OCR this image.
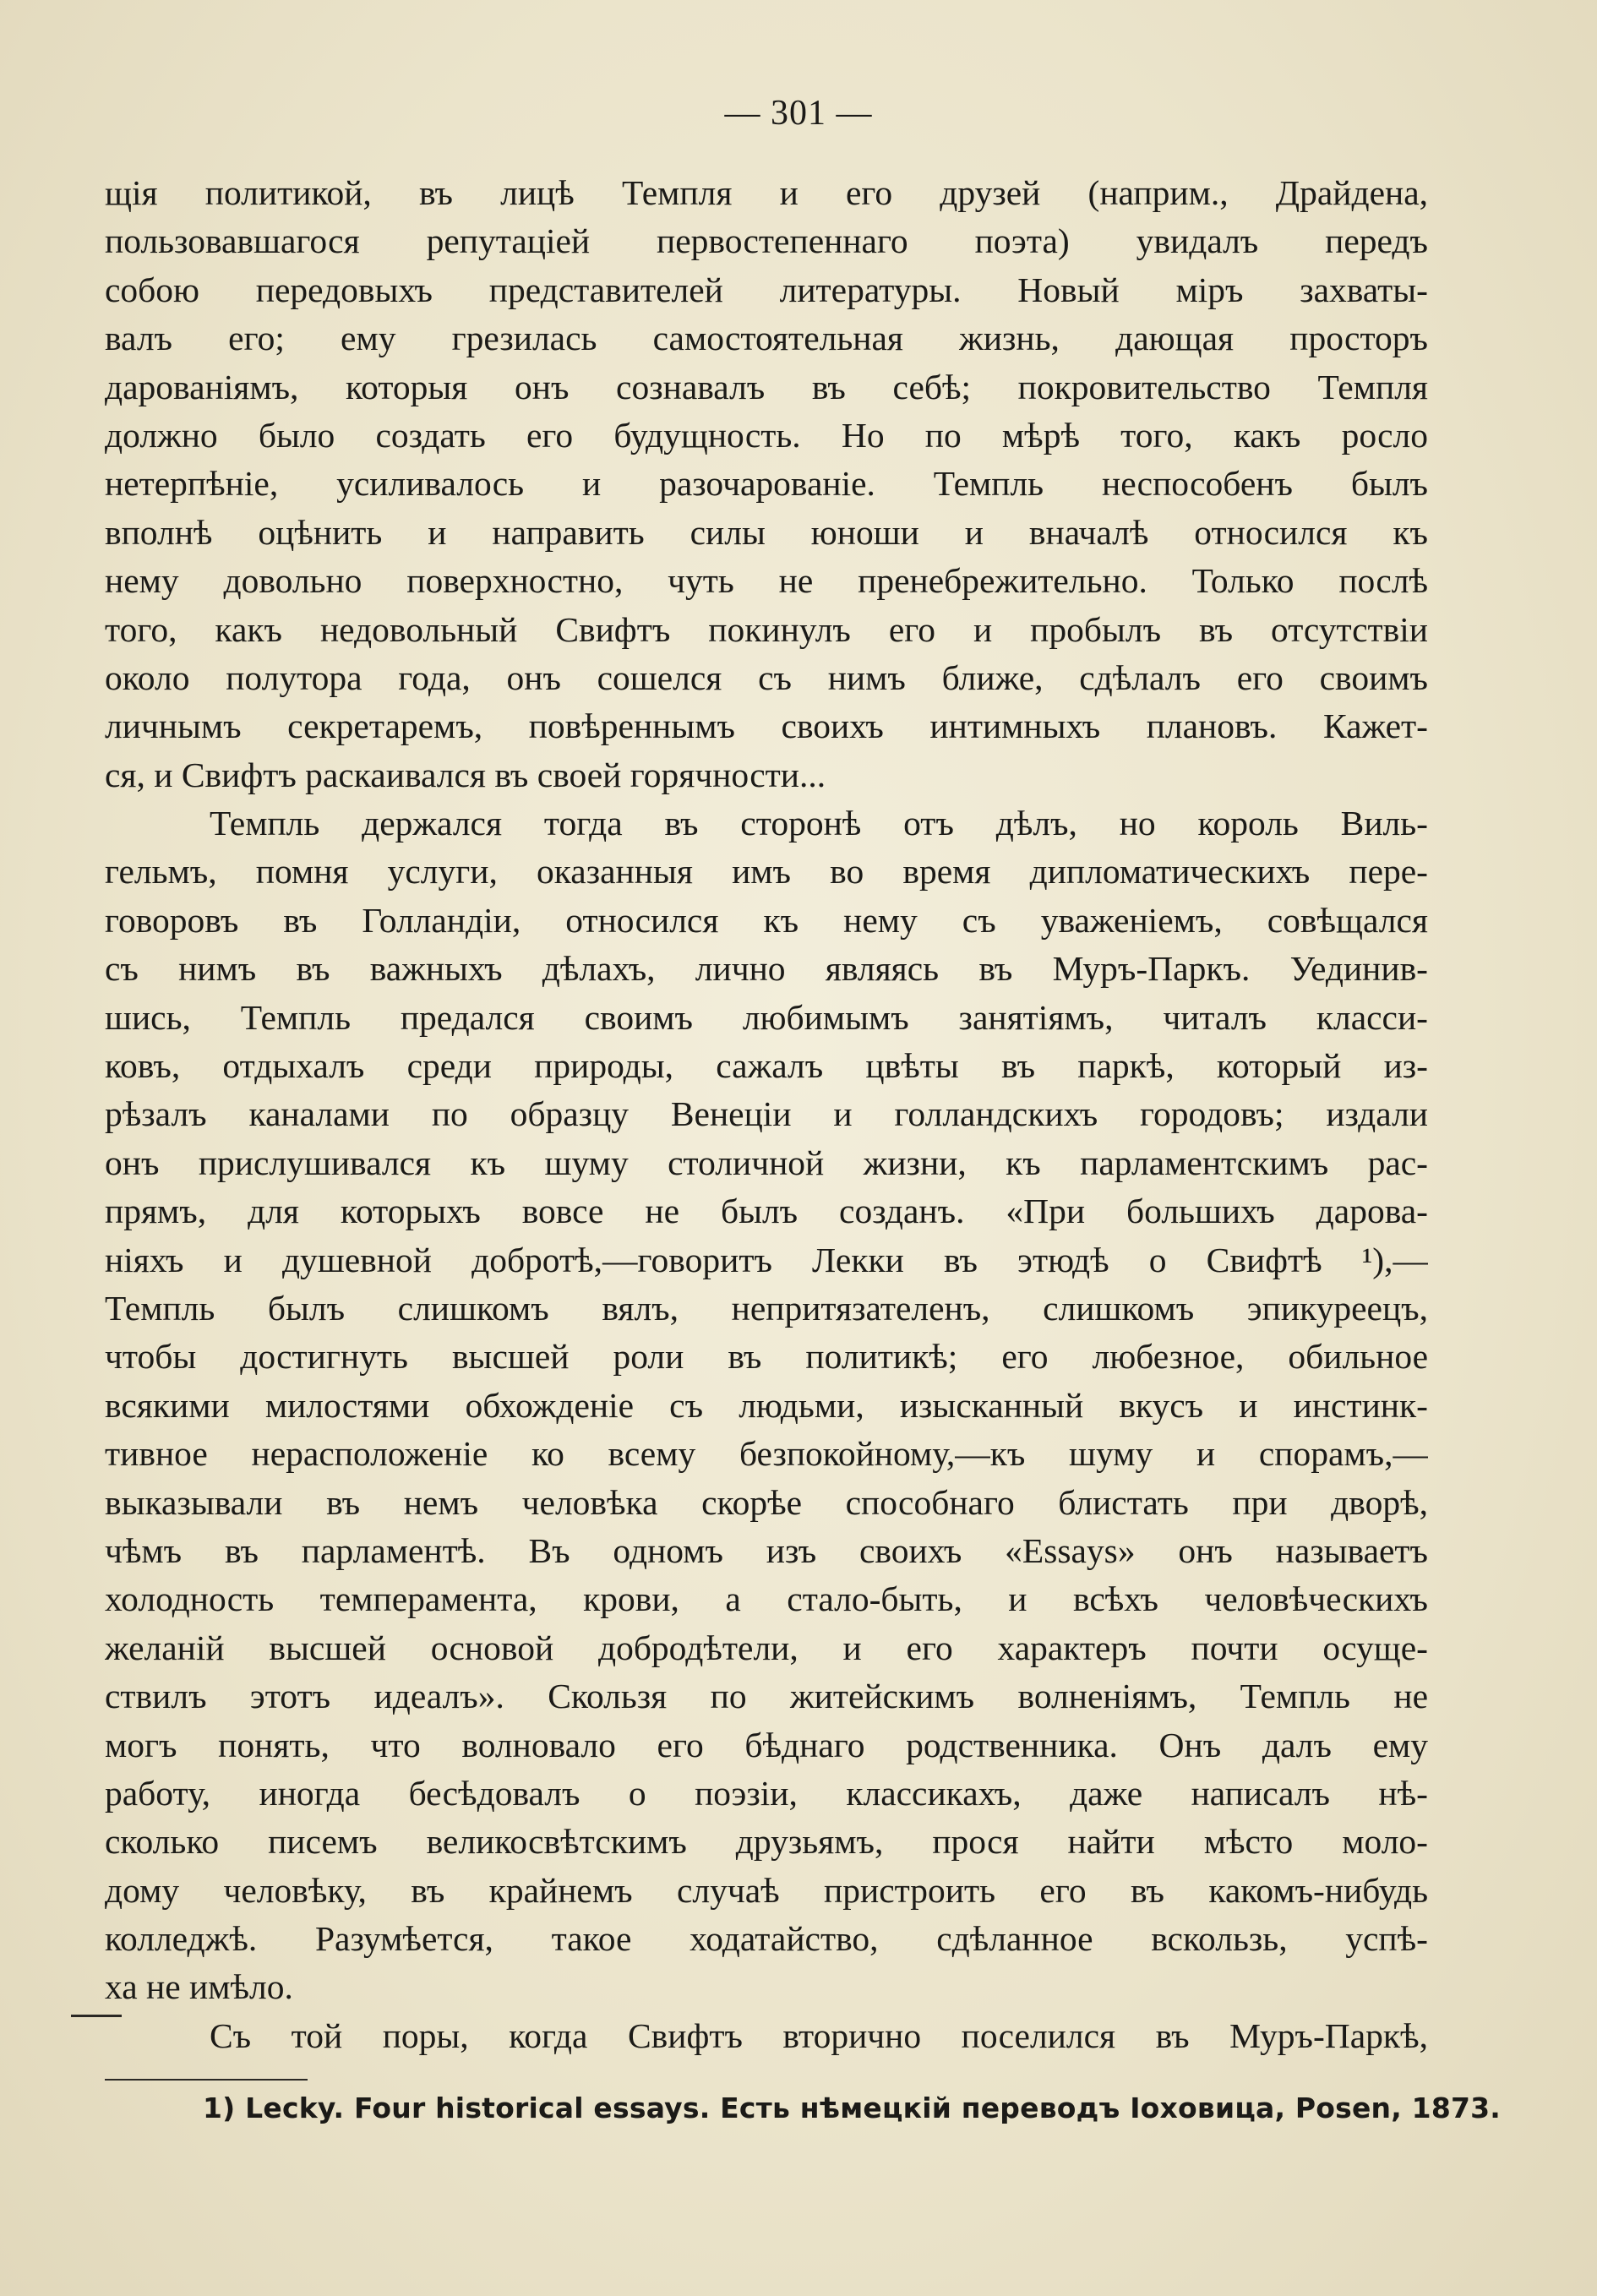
— 301 —
щія политикой, въ лицѣ Темпля и его друзей (наприм., Драйдена,
пользовавшагося репутаціей первостепеннаго поэта) увидалъ передъ
собою передовыхъ представителей литературы. Новый міръ захваты-
валъ его; ему грезилась самостоятельная жизнь, дающая просторъ
дарованіямъ, которыя онъ сознавалъ въ себѣ; покровительство Темпля
должно было создать его будущность. Но по мѣрѣ того, какъ росло
нетерпѣніе, усиливалось и разочарованіе. Темпль неспособенъ былъ
вполнѣ оцѣнить и направить силы юноши и вначалѣ относился къ
нему довольно поверхностно, чуть не пренебрежительно. Только послѣ
того, какъ недовольный Свифтъ покинулъ его и пробылъ въ отсутствіи
около полутора года, онъ сошелся съ нимъ ближе, сдѣлалъ его своимъ
личнымъ секретаремъ, повѣреннымъ своихъ интимныхъ плановъ. Кажет-
ся, и Свифтъ раскаивался въ своей горячности...
Темпль держался тогда въ сторонѣ отъ дѣлъ, но король Виль-
гельмъ, помня услуги, оказанныя имъ во время дипломатическихъ пере-
говоровъ въ Голландіи, относился къ нему съ уваженіемъ, совѣщался
съ нимъ въ важныхъ дѣлахъ, лично являясь въ Муръ-Паркъ. Уединив-
шись, Темпль предался своимъ любимымъ занятіямъ, читалъ класси-
ковъ, отдыхалъ среди природы, сажалъ цвѣты въ паркѣ, который из-
рѣзалъ каналами по образцу Венеціи и голландскихъ городовъ; издали
онъ прислушивался къ шуму столичной жизни, къ парламентскимъ рас-
прямъ, для которыхъ вовсе не былъ созданъ. «При большихъ дарова-
ніяхъ и душевной добротѣ,—говоритъ Лекки въ этюдѣ о Свифтѣ ¹),—
Темпль былъ слишкомъ вялъ, непритязателенъ, слишкомъ эпикуреецъ,
чтобы достигнуть высшей роли въ политикѣ; его любезное, обильное
всякими милостями обхожденіе съ людьми, изысканный вкусъ и инстинк-
тивное нерасположеніе ко всему безпокойному,—къ шуму и спорамъ,—
выказывали въ немъ человѣка скорѣе способнаго блистать при дворѣ,
чѣмъ въ парламентѣ. Въ одномъ изъ своихъ «Essays» онъ называетъ
холодность темперамента, крови, а стало-быть, и всѣхъ человѣческихъ
желаній высшей основой добродѣтели, и его характеръ почти осуще-
ствилъ этотъ идеалъ». Скользя по житейскимъ волненіямъ, Темпль не
могъ понять, что волновало его бѣднаго родственника. Онъ далъ ему
работу, иногда бесѣдовалъ о поэзіи, классикахъ, даже написалъ нѣ-
сколько писемъ великосвѣтскимъ друзьямъ, прося найти мѣсто моло-
дому человѣку, въ крайнемъ случаѣ пристроить его въ какомъ-нибудь
колледжѣ. Разумѣется, такое ходатайство, сдѣланное вскользь, успѣ-
ха не имѣло.
Съ той поры, когда Свифтъ вторично поселился въ Муръ-Паркѣ,
1) Lecky. Four historical essays. Есть нѣмецкій переводъ Іоховица, Posen, 1873.
